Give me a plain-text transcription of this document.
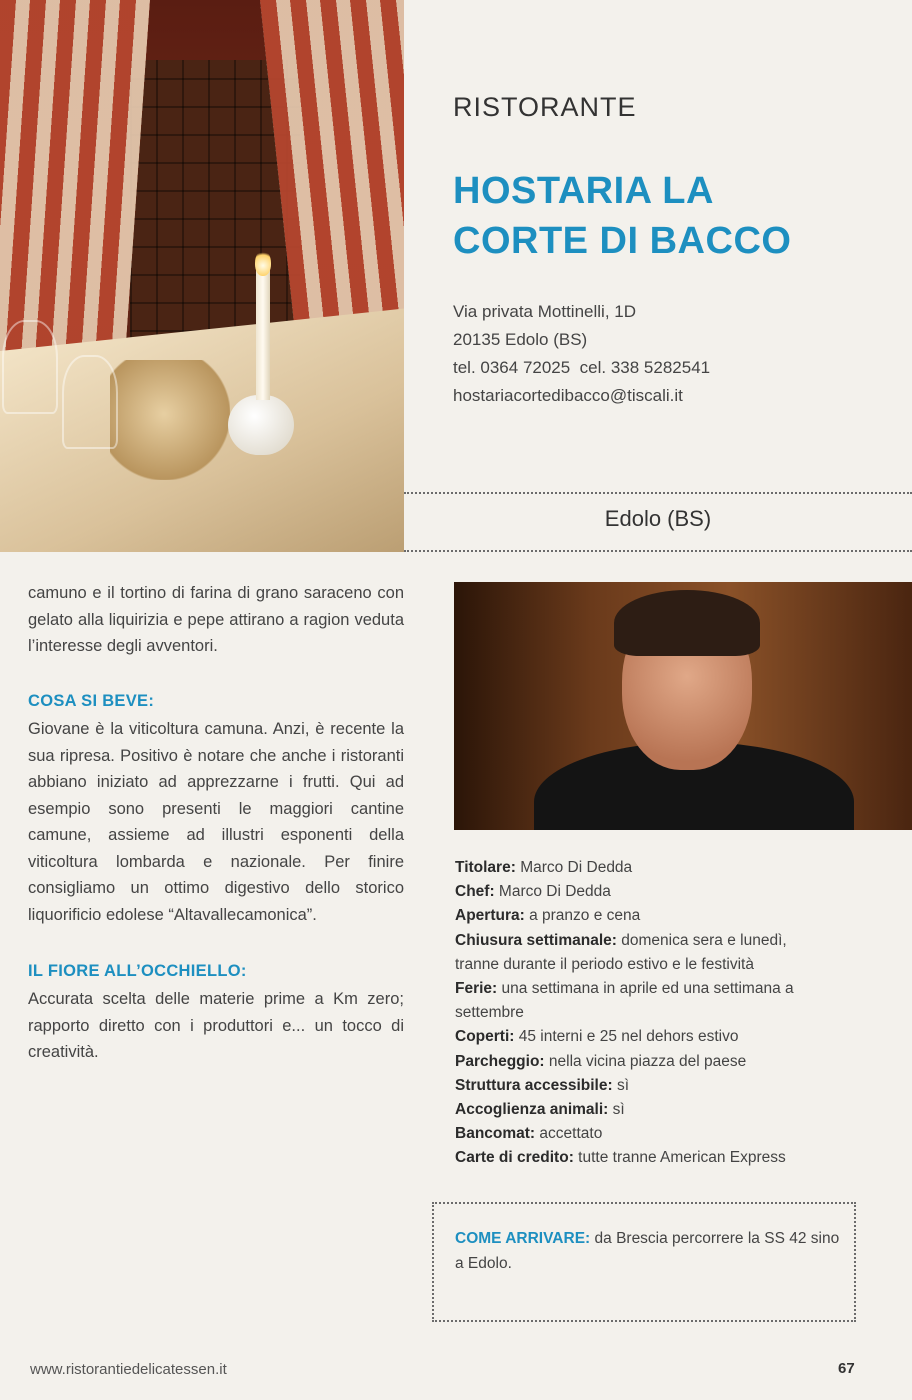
RISTORANTE
HOSTARIA LA
CORTE DI BACCO
Via privata Mottinelli, 1D
20135 Edolo (BS)
tel. 0364 72025  cel. 338 5282541
hostariacortedibacco@tiscali.it
Edolo (BS)
camuno e il tortino di farina di grano saraceno con gelato alla liquirizia e pepe attirano a ragion veduta l’interesse degli avventori.
COSA SI BEVE:
Giovane è la viticoltura camuna. Anzi, è recente la sua ripresa. Positivo è notare che anche i ristoranti abbiano iniziato ad apprezzarne i frutti. Qui ad esempio sono presenti le maggiori cantine camune, assieme ad illustri esponenti della viticoltura lombarda e nazionale. Per finire consigliamo un ottimo digestivo dello storico liquorificio edolese “Altavallecamonica”.
IL FIORE ALL’OCCHIELLO:
Accurata scelta delle materie prime a Km zero; rapporto diretto con i produttori e... un tocco di creatività.
Titolare: Marco Di Dedda
Chef: Marco Di Dedda
Apertura: a pranzo e cena
Chiusura settimanale: domenica sera e lunedì, tranne durante il periodo estivo e le festività
Ferie: una settimana in aprile ed una settimana a settembre
Coperti: 45 interni e 25 nel dehors estivo
Parcheggio: nella vicina piazza del paese
Struttura accessibile: sì
Accoglienza animali: sì
Bancomat: accettato
Carte di credito: tutte tranne American Express
COME ARRIVARE: da Brescia percorrere la SS 42 sino a Edolo.
www.ristorantiedelicatessen.it	67
